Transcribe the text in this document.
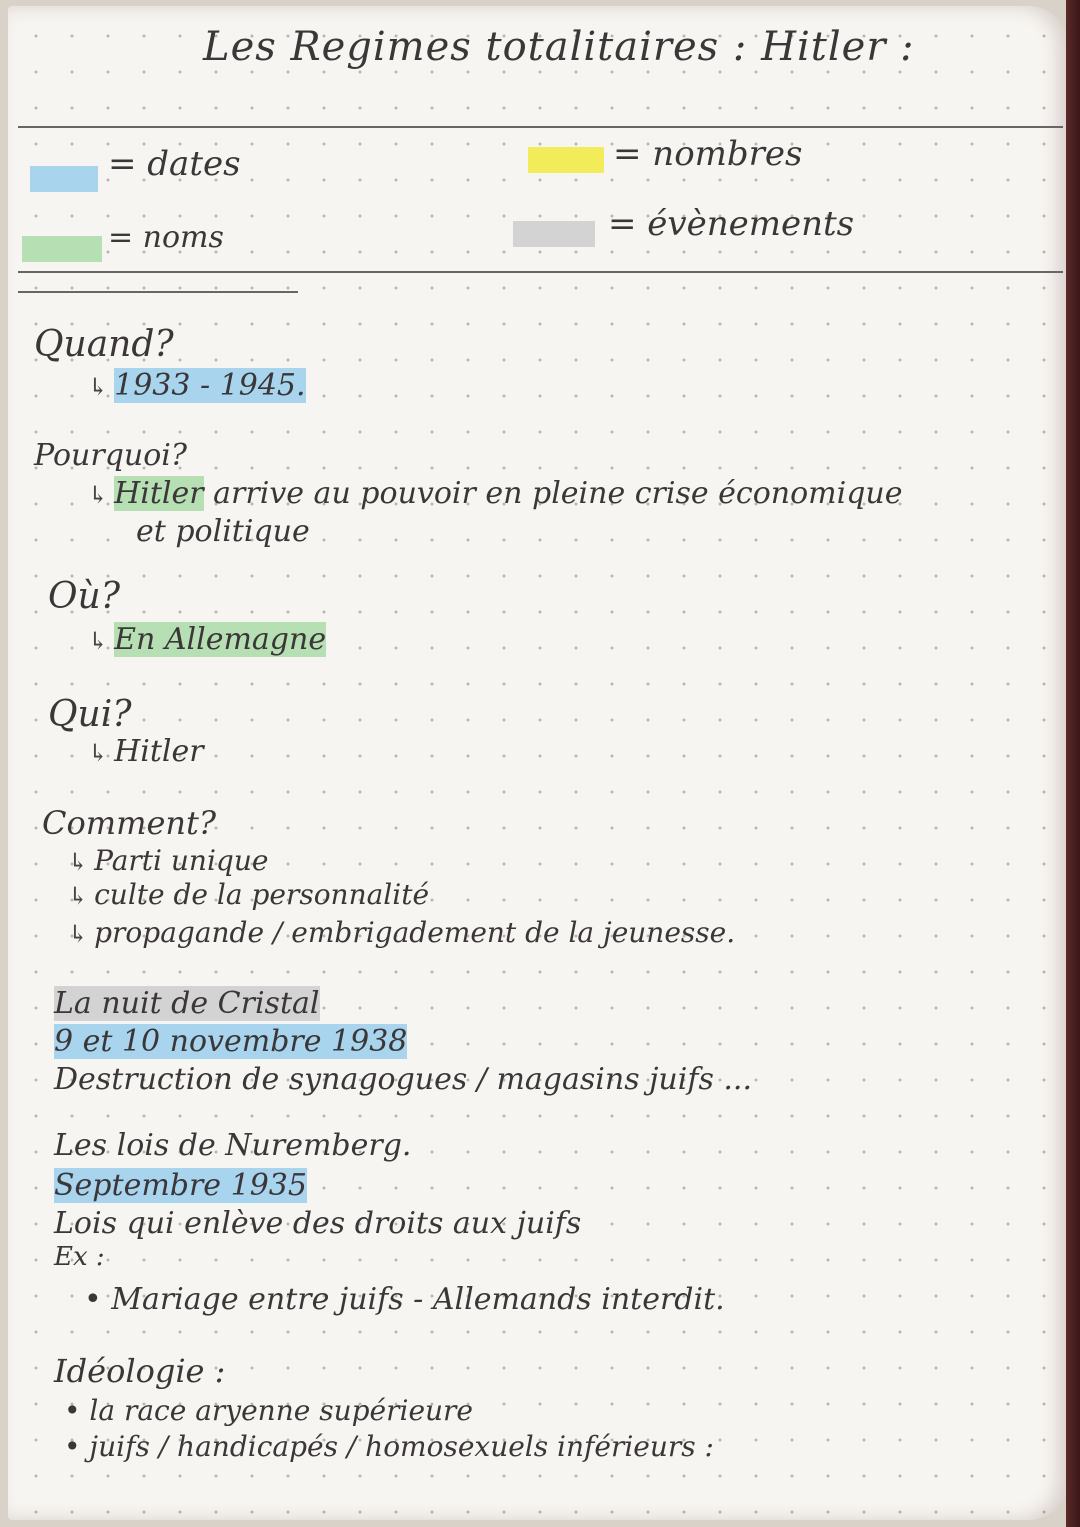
Les Regimes totalitaires : Hitler :
= dates
= noms
= nombres
= évènements
Quand?
↳ 1933 - 1945.
Pourquoi?
↳ Hitler arrive au pouvoir en pleine crise économique
et politique
Où?
↳ En Allemagne
Qui?
↳ Hitler
Comment?
↳ Parti unique
↳ culte de la personnalité
↳ propagande / embrigadement de la jeunesse.
La nuit de Cristal
9 et 10 novembre 1938
Destruction de synagogues / magasins juifs ...
Les lois de Nuremberg.
Septembre 1935
Lois qui enlève des droits aux juifs
Ex :
• Mariage entre juifs - Allemands interdit.
Idéologie :
• la race aryenne supérieure
• juifs / handicapés / homosexuels inférieurs :
